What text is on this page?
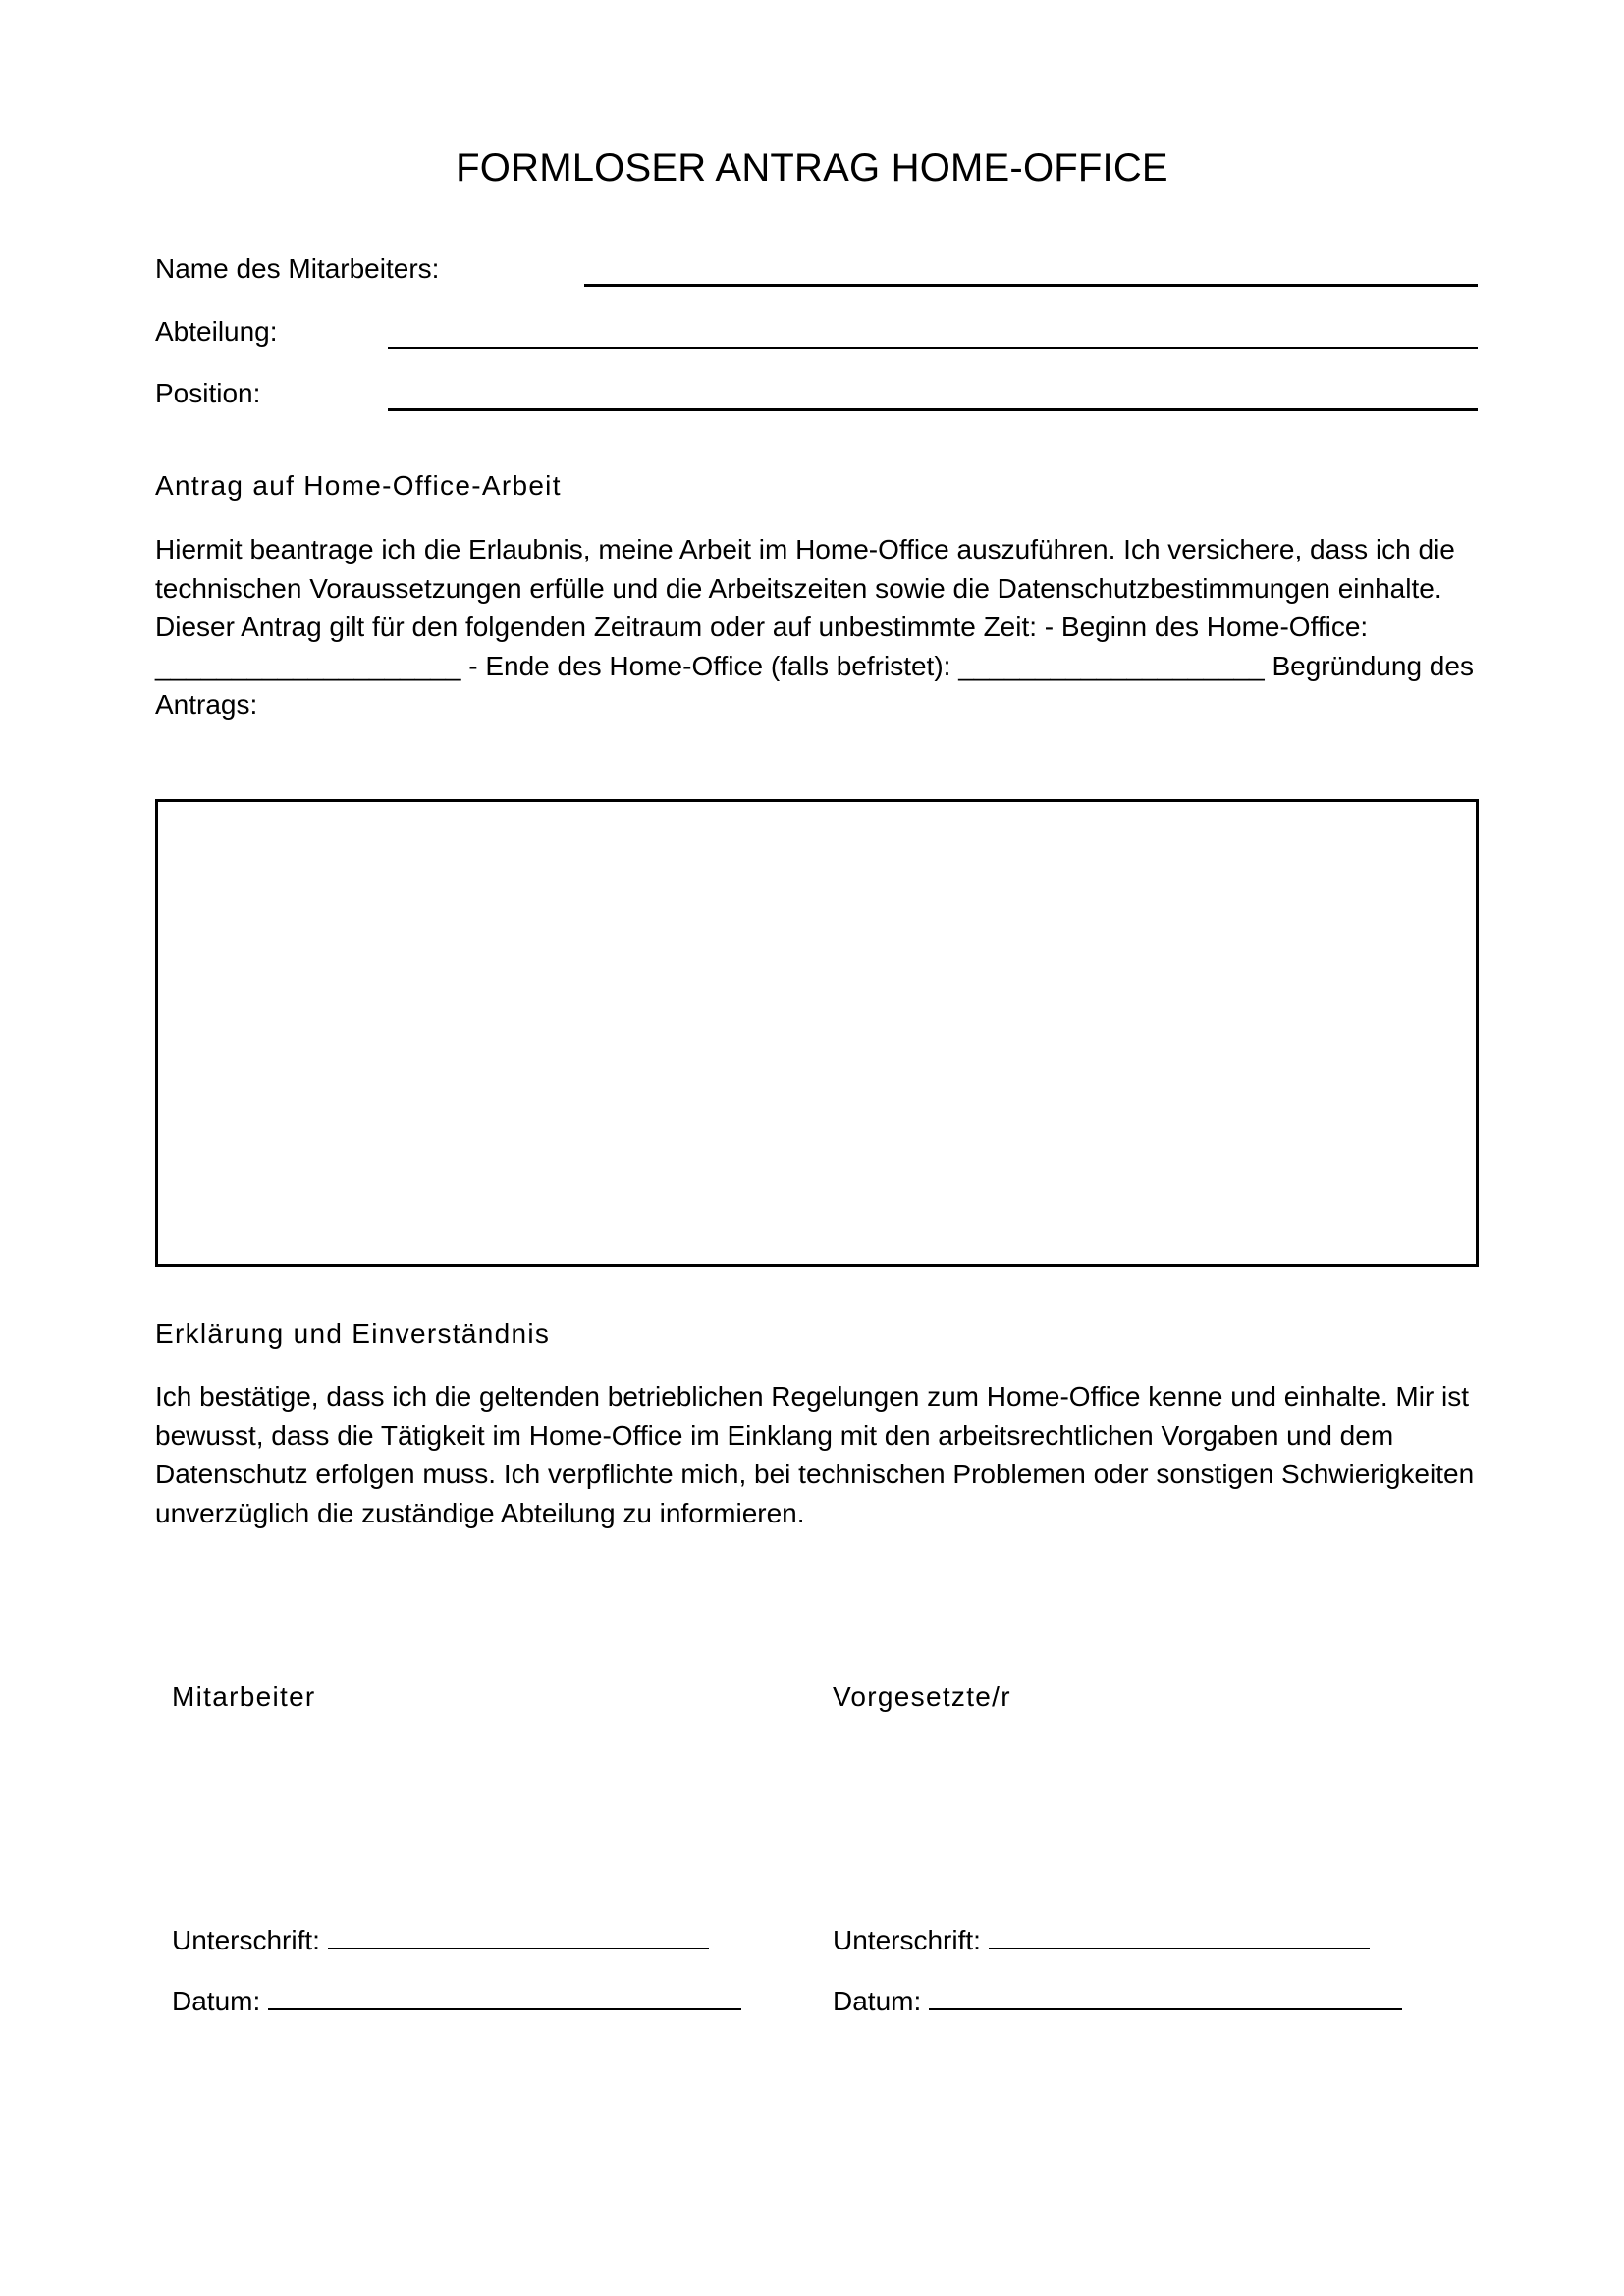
FORMLOSER ANTRAG HOME-OFFICE
Name des Mitarbeiters:
Abteilung:
Position:
Antrag auf Home-Office-Arbeit
Hiermit beantrage ich die Erlaubnis, meine Arbeit im Home-Office auszuführen. Ich versichere, dass ich die
technischen Voraussetzungen erfülle und die Arbeitszeiten sowie die Datenschutzbestimmungen einhalte.
Dieser Antrag gilt für den folgenden Zeitraum oder auf unbestimmte Zeit: - Beginn des Home-Office:
____________________ - Ende des Home-Office (falls befristet): ____________________ Begründung des
Antrags:
Erklärung und Einverständnis
Ich bestätige, dass ich die geltenden betrieblichen Regelungen zum Home-Office kenne und einhalte. Mir ist
bewusst, dass die Tätigkeit im Home-Office im Einklang mit den arbeitsrechtlichen Vorgaben und dem
Datenschutz erfolgen muss. Ich verpflichte mich, bei technischen Problemen oder sonstigen Schwierigkeiten
unverzüglich die zuständige Abteilung zu informieren.
Mitarbeiter	Vorgesetzte/r
Unterschrift:
Datum:
Unterschrift:
Datum:
